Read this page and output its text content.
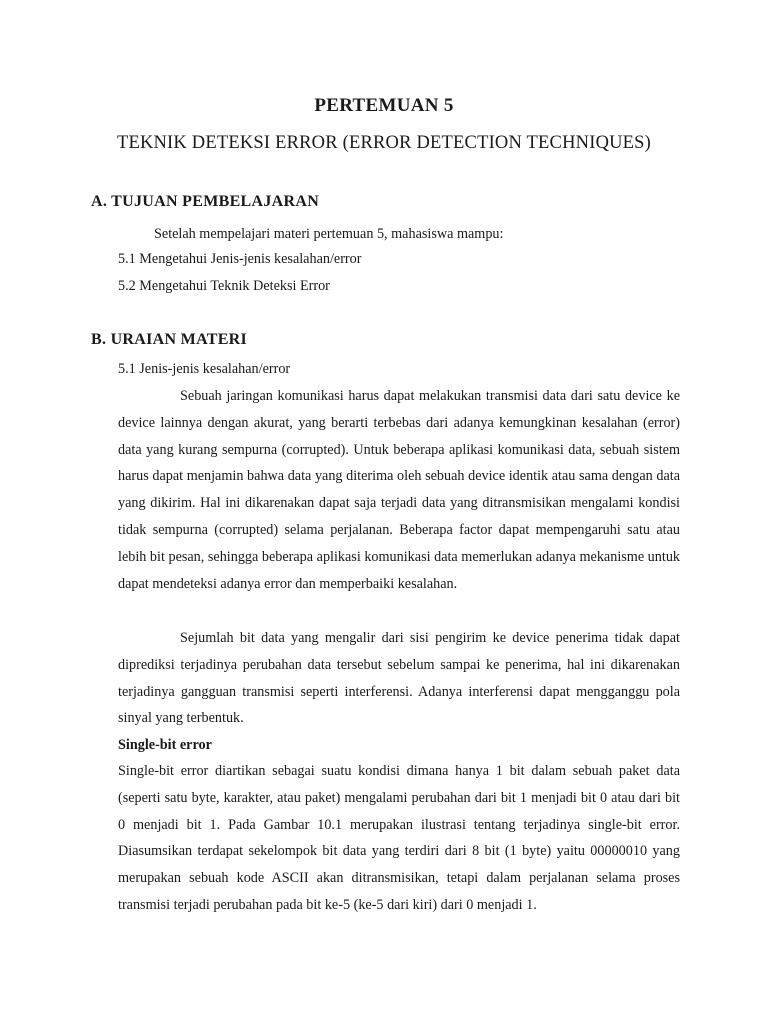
PERTEMUAN 5
TEKNIK DETEKSI ERROR (ERROR DETECTION TECHNIQUES)
A. TUJUAN PEMBELAJARAN

Setelah mempelajari materi pertemuan 5, mahasiswa mampu:

5.1 Mengetahui Jenis-jenis kesalahan/error

5.2 Mengetahui Teknik Deteksi Error

B. URAIAN MATERI

5.1 Jenis-jenis kesalahan/error

Sebuah jaringan komunikasi harus dapat melakukan transmisi data dari satu device ke device lainnya dengan akurat, yang berarti terbebas dari adanya kemungkinan kesalahan (error) data yang kurang sempurna (corrupted). Untuk beberapa aplikasi komunikasi data, sebuah sistem harus dapat menjamin bahwa data yang diterima oleh sebuah device identik atau sama dengan data yang dikirim. Hal ini dikarenakan dapat saja terjadi data yang ditransmisikan mengalami kondisi tidak sempurna (corrupted) selama perjalanan. Beberapa factor dapat mempengaruhi satu atau lebih bit pesan, sehingga beberapa aplikasi komunikasi data memerlukan adanya mekanisme untuk dapat mendeteksi adanya error dan memperbaiki kesalahan.

Sejumlah bit data yang mengalir dari sisi pengirim ke device penerima tidak dapat diprediksi terjadinya perubahan data tersebut sebelum sampai ke penerima, hal ini dikarenakan terjadinya gangguan transmisi seperti interferensi. Adanya interferensi dapat mengganggu pola sinyal yang terbentuk.

Single-bit error

Single-bit error diartikan sebagai suatu kondisi dimana hanya 1 bit dalam sebuah paket data (seperti satu byte, karakter, atau paket) mengalami perubahan dari bit 1 menjadi bit 0 atau dari bit 0 menjadi bit 1. Pada Gambar 10.1 merupakan ilustrasi tentang terjadinya single-bit error. Diasumsikan terdapat sekelompok bit data yang terdiri dari 8 bit (1 byte) yaitu 00000010 yang merupakan sebuah kode ASCII akan ditransmisikan, tetapi dalam perjalanan selama proses transmisi terjadi perubahan pada bit ke-5 (ke-5 dari kiri) dari 0 menjadi 1.
